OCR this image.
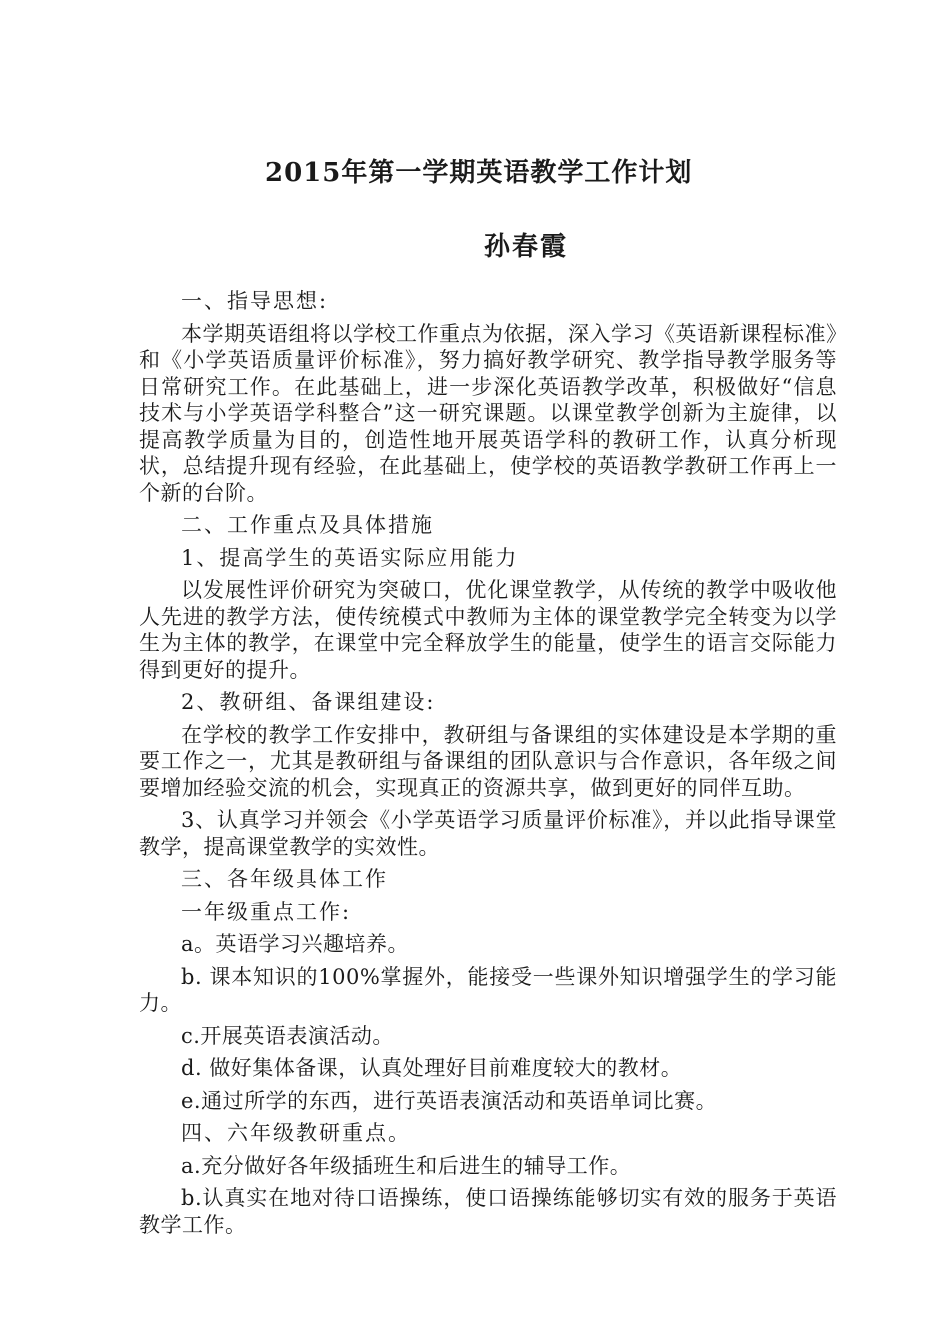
2015年第一学期英语教学工作计划
孙春霞

一、指导思想:

本学期英语组将以学校工作重点为依据，深入学习《英语新课程标准》和《小学英语质量评价标准》，努力搞好教学研究、教学指导教学服务等日常研究工作。在此基础上，进一步深化英语教学改革，积极做好“信息技术与小学英语学科整合”这一研究课题。以课堂教学创新为主旋律，以提高教学质量为目的，创造性地开展英语学科的教研工作，认真分析现状，总结提升现有经验，在此基础上，使学校的英语教学教研工作再上一个新的台阶。

二、工作重点及具体措施

1、提高学生的英语实际应用能力

以发展性评价研究为突破口，优化课堂教学，从传统的教学中吸收他人先进的教学方法，使传统模式中教师为主体的课堂教学完全转变为以学生为主体的教学，在课堂中完全释放学生的能量，使学生的语言交际能力得到更好的提升。

2、教研组、备课组建设:

在学校的教学工作安排中，教研组与备课组的实体建设是本学期的重要工作之一，尤其是教研组与备课组的团队意识与合作意识，各年级之间要增加经验交流的机会，实现真正的资源共享，做到更好的同伴互助。

3、认真学习并领会《小学英语学习质量评价标准》，并以此指导课堂教学，提高课堂教学的实效性。

三、各年级具体工作

一年级重点工作:

a。英语学习兴趣培养。

b. 课本知识的100%掌握外，能接受一些课外知识增强学生的学习能力。

c.开展英语表演活动。

d. 做好集体备课，认真处理好目前难度较大的教材。

e.通过所学的东西，进行英语表演活动和英语单词比赛。

四、六年级教研重点。

a.充分做好各年级插班生和后进生的辅导工作。

b.认真实在地对待口语操练，使口语操练能够切实有效的服务于英语教学工作。
